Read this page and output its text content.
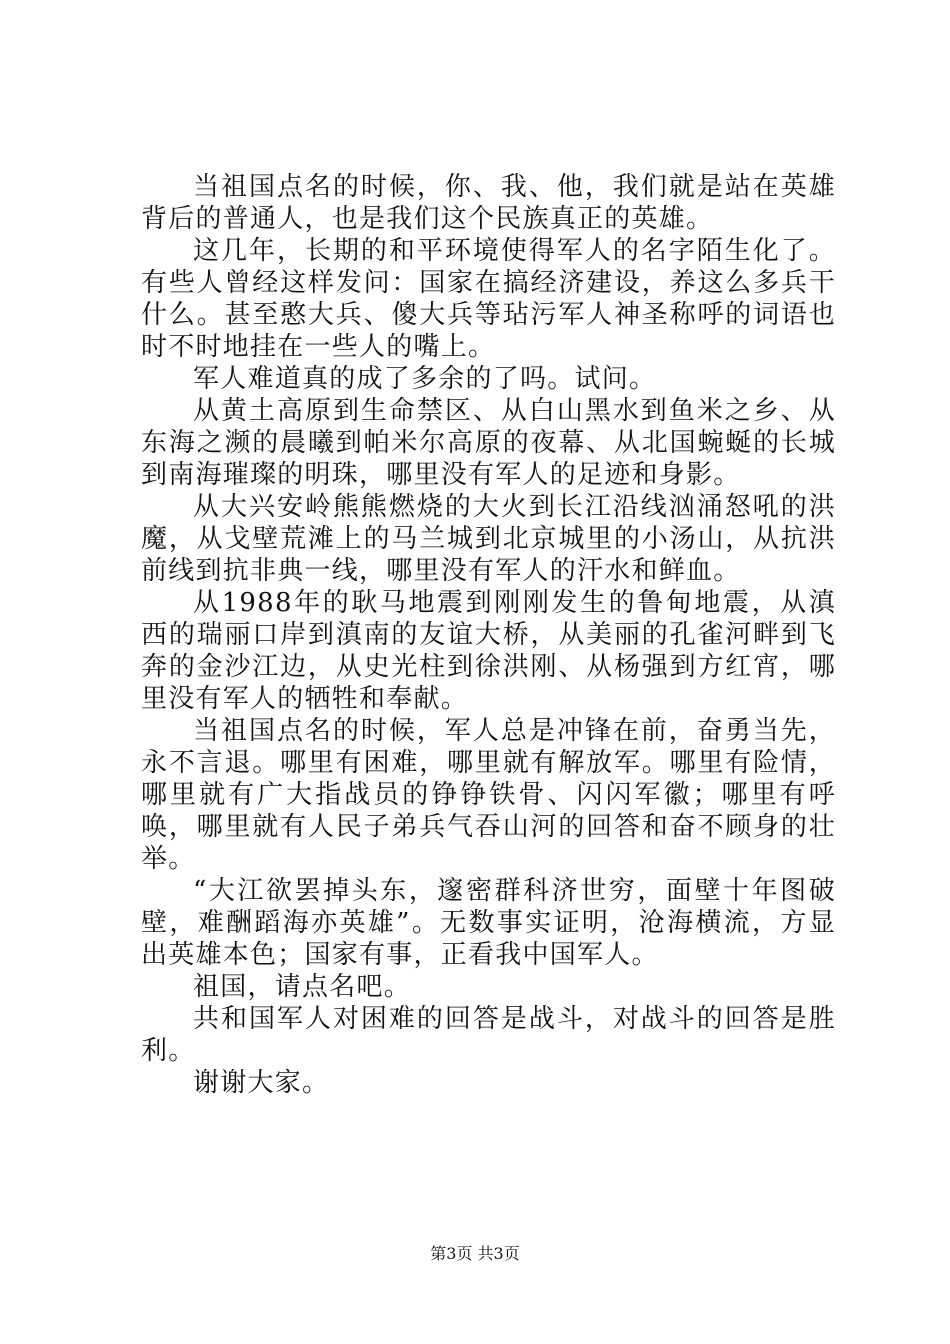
当祖国点名的时候，你、我、他，我们就是站在英雄背后的普通人，也是我们这个民族真正的英雄。

这几年，长期的和平环境使得军人的名字陌生化了。有些人曾经这样发问：国家在搞经济建设，养这么多兵干什么。甚至憨大兵、傻大兵等玷污军人神圣称呼的词语也时不时地挂在一些人的嘴上。

军人难道真的成了多余的了吗。试问。

从黄土高原到生命禁区、从白山黑水到鱼米之乡、从东海之濒的晨曦到帕米尔高原的夜幕、从北国蜿蜒的长城到南海璀璨的明珠，哪里没有军人的足迹和身影。

从大兴安岭熊熊燃烧的大火到长江沿线汹涌怒吼的洪魔，从戈壁荒滩上的马兰城到北京城里的小汤山，从抗洪前线到抗非典一线，哪里没有军人的汗水和鲜血。

从1988年的耿马地震到刚刚发生的鲁甸地震，从滇西的瑞丽口岸到滇南的友谊大桥，从美丽的孔雀河畔到飞奔的金沙江边，从史光柱到徐洪刚、从杨强到方红宵，哪里没有军人的牺牲和奉献。

当祖国点名的时候，军人总是冲锋在前，奋勇当先，永不言退。哪里有困难，哪里就有解放军。哪里有险情，哪里就有广大指战员的铮铮铁骨、闪闪军徽；哪里有呼唤，哪里就有人民子弟兵气吞山河的回答和奋不顾身的壮举。

“大江欲罢掉头东，邃密群科济世穷，面壁十年图破壁，难酬蹈海亦英雄”。无数事实证明，沧海横流，方显出英雄本色；国家有事，正看我中国军人。

祖国，请点名吧。

共和国军人对困难的回答是战斗，对战斗的回答是胜利。

谢谢大家。

第3页 共3页
